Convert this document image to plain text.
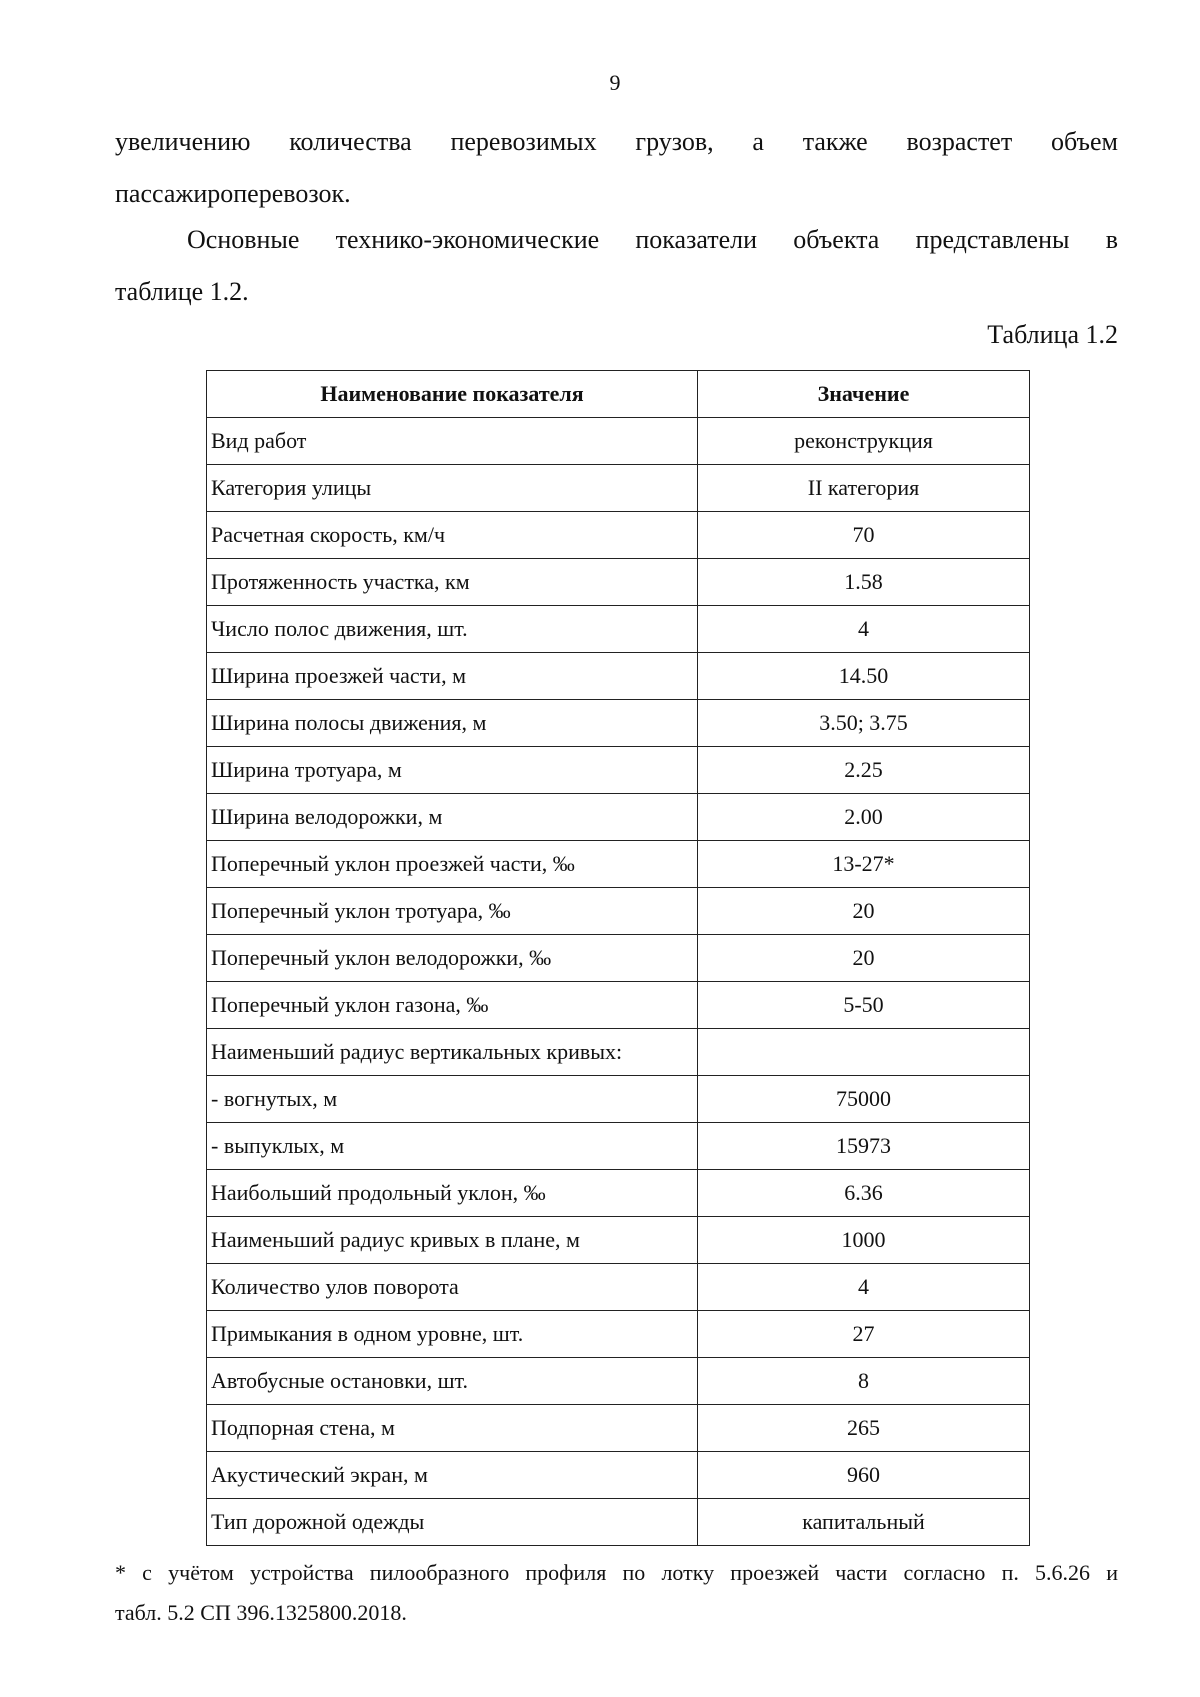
9
увеличению количества перевозимых грузов, а также возрастет объем
пассажироперевозок.
Основные технико-экономические показатели объекта представлены в
таблице 1.2.
Таблица 1.2
Наименование показателя	Значение
Вид работ	реконструкция
Категория улицы	II категория
Расчетная скорость, км/ч	70
Протяженность участка, км	1.58
Число полос движения, шт.	4
Ширина проезжей части, м	14.50
Ширина полосы движения, м	3.50; 3.75
Ширина тротуара, м	2.25
Ширина велодорожки, м	2.00
Поперечный уклон проезжей части, ‰	13-27*
Поперечный уклон тротуара, ‰	20
Поперечный уклон велодорожки, ‰	20
Поперечный уклон газона, ‰	5-50
Наименьший радиус вертикальных кривых:	
- вогнутых, м	75000
- выпуклых, м	15973
Наибольший продольный уклон, ‰	6.36
Наименьший радиус кривых в плане, м	1000
Количество улов поворота	4
Примыкания в одном уровне, шт.	27
Автобусные остановки, шт.	8
Подпорная стена, м	265
Акустический экран, м	960
Тип дорожной одежды	капитальный
* с учётом устройства пилообразного профиля по лотку проезжей части согласно п. 5.6.26 и
табл. 5.2 СП 396.1325800.2018.
